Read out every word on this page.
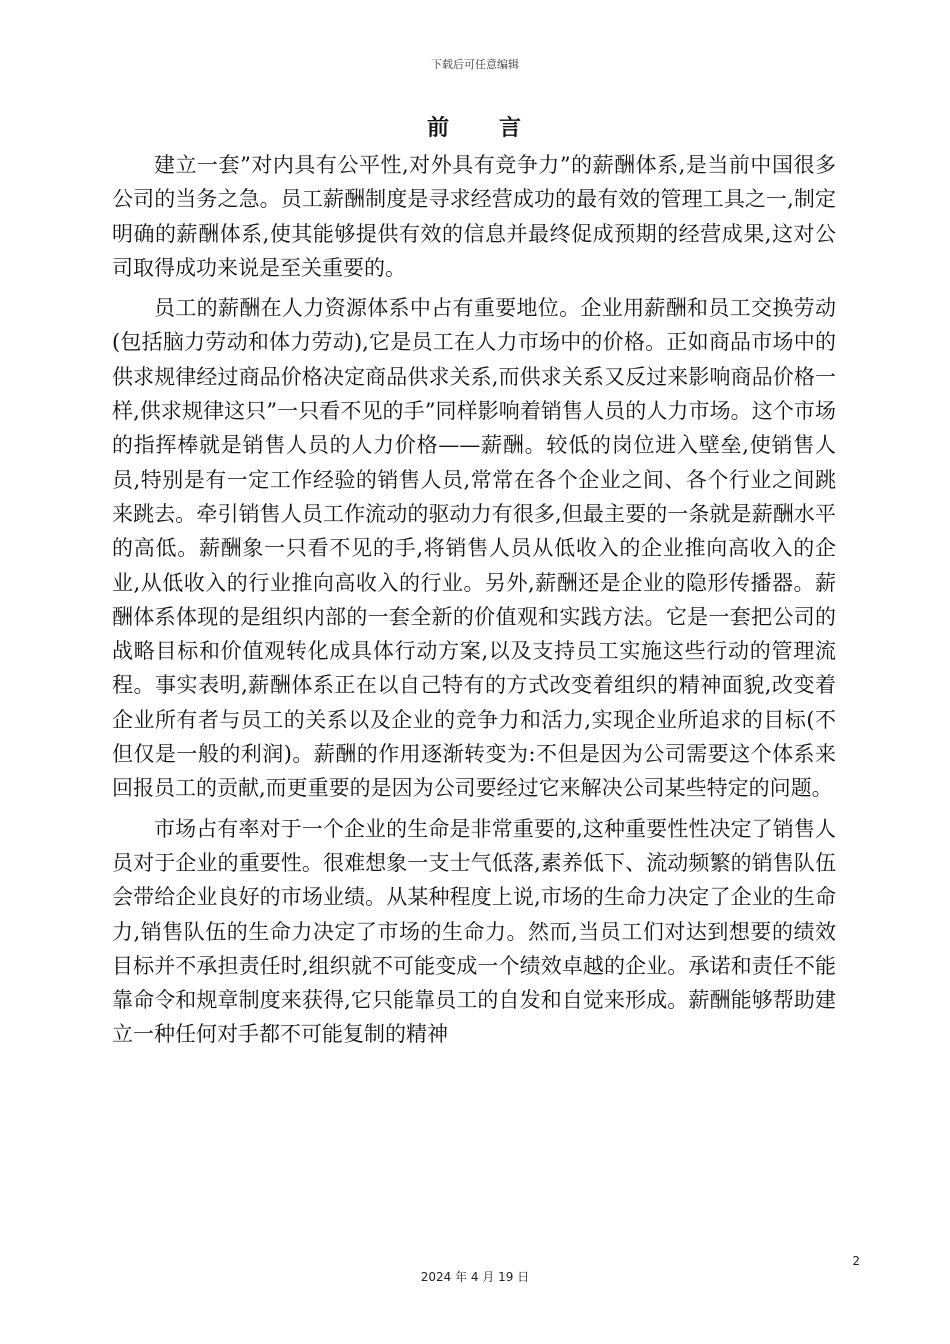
下载后可任意编辑
前 言

建立一套”对内具有公平性,对外具有竞争力”的薪酬体系,是当前中国很多公司的当务之急。员工薪酬制度是寻求经营成功的最有效的管理工具之一,制定明确的薪酬体系,使其能够提供有效的信息并最终促成预期的经营成果,这对公司取得成功来说是至关重要的。

员工的薪酬在人力资源体系中占有重要地位。企业用薪酬和员工交换劳动(包括脑力劳动和体力劳动),它是员工在人力市场中的价格。正如商品市场中的供求规律经过商品价格决定商品供求关系,而供求关系又反过来影响商品价格一样,供求规律这只”一只看不见的手”同样影响着销售人员的人力市场。这个市场的指挥棒就是销售人员的人力价格——薪酬。较低的岗位进入壁垒,使销售人员,特别是有一定工作经验的销售人员,常常在各个企业之间、各个行业之间跳来跳去。牵引销售人员工作流动的驱动力有很多,但最主要的一条就是薪酬水平的高低。薪酬象一只看不见的手,将销售人员从低收入的企业推向高收入的企业,从低收入的行业推向高收入的行业。另外,薪酬还是企业的隐形传播器。薪酬体系体现的是组织内部的一套全新的价值观和实践方法。它是一套把公司的战略目标和价值观转化成具体行动方案,以及支持员工实施这些行动的管理流程。事实表明,薪酬体系正在以自己特有的方式改变着组织的精神面貌,改变着企业所有者与员工的关系以及企业的竞争力和活力,实现企业所追求的目标(不但仅是一般的利润)。薪酬的作用逐渐转变为:不但是因为公司需要这个体系来回报员工的贡献,而更重要的是因为公司要经过它来解决公司某些特定的问题。

市场占有率对于一个企业的生命是非常重要的,这种重要性性决定了销售人员对于企业的重要性。很难想象一支士气低落,素养低下、流动频繁的销售队伍会带给企业良好的市场业绩。从某种程度上说,市场的生命力决定了企业的生命力,销售队伍的生命力决定了市场的生命力。然而,当员工们对达到想要的绩效目标并不承担责任时,组织就不可能变成一个绩效卓越的企业。承诺和责任不能靠命令和规章制度来获得,它只能靠员工的自发和自觉来形成。薪酬能够帮助建立一种任何对手都不可能复制的精神

2
2024 年 4 月 19 日
